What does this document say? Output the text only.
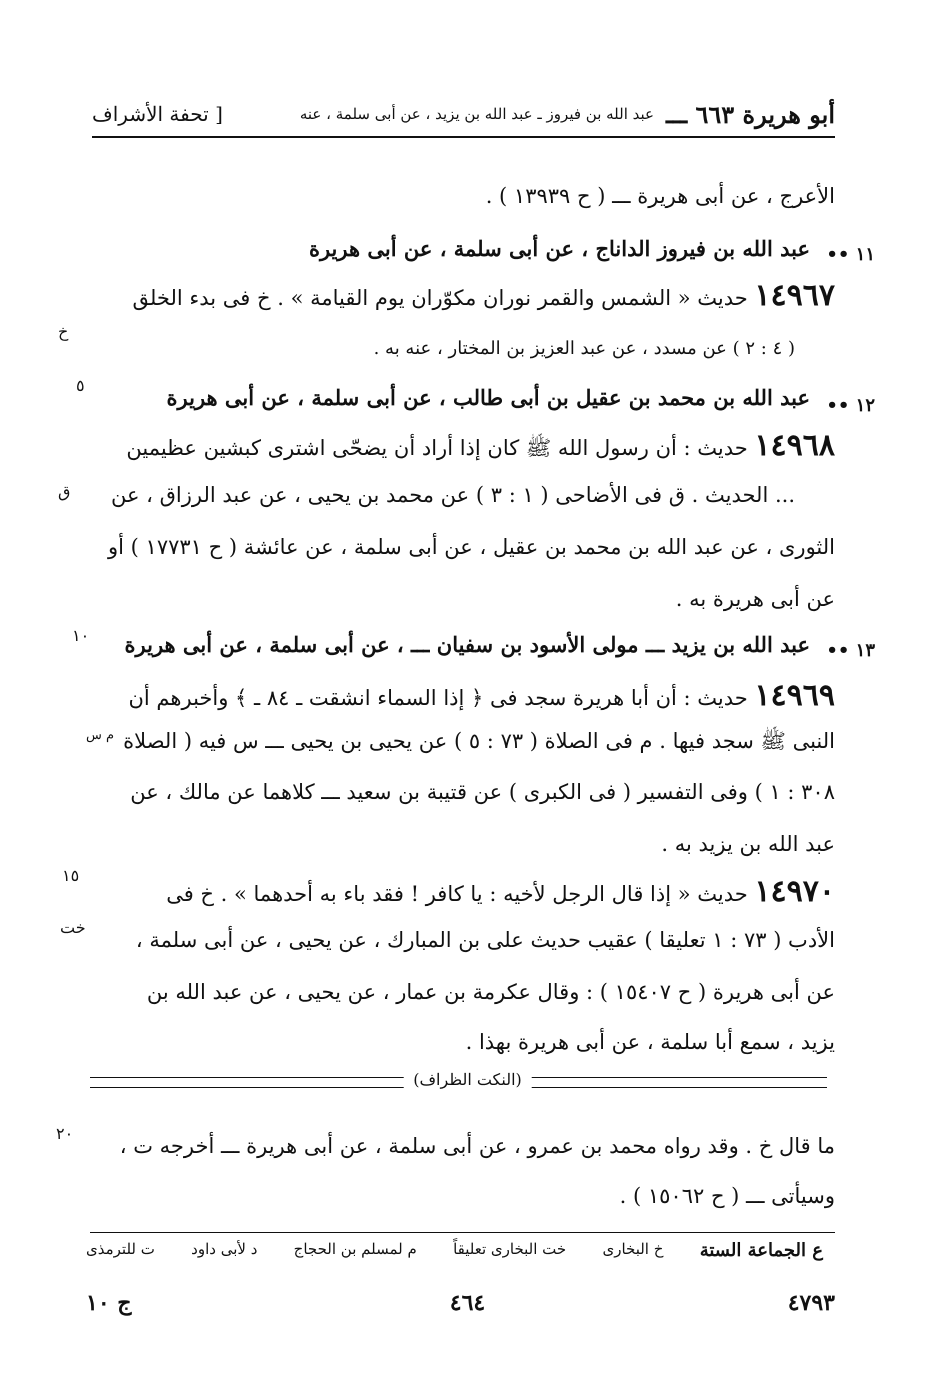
أبو هريرة ٦٦٣ ـــ
عبد الله بن فيروز ـ عبد الله بن يزيد ، عن أبى سلمة ، عنه
[ تحفة الأشراف
الأعرج ، عن أبى هريرة ـــ ( ح ١٣٩٣٩ ) .
١١ ••
عبد الله بن فيروز الداناج ، عن أبى سلمة ، عن أبى هريرة
١٤٩٦٧ حديث « الشمس والقمر نوران مكوّران يوم القيامة » . خ فى بدء الخلق
خ
( ٤ : ٢ ) عن مسدد ، عن عبد العزيز بن المختار ، عنه به .
١٢ ••
عبد الله بن محمد بن عقيل بن أبى طالب ، عن أبى سلمة ، عن أبى هريرة
٥
١٤٩٦٨ حديث : أن رسول الله ﷺ كان إذا أراد أن يضحّى اشترى كبشين عظيمين
ق ... الحديث . ق فى الأضاحى ( ١ : ٣ ) عن محمد بن يحيى ، عن عبد الرزاق ، عن
الثورى ، عن عبد الله بن محمد بن عقيل ، عن أبى سلمة ، عن عائشة ( ح ١٧٧٣١ ) أو
عن أبى هريرة به .
١٣ ••
عبد الله بن يزيد ـــ مولى الأسود بن سفيان ـــ ، عن أبى سلمة ، عن أبى هريرة
١٠
١٤٩٦٩ حديث : أن أبا هريرة سجد فى ﴿ إذا السماء انشقت ـ ٨٤ ـ ﴾ وأخبرهم أن
م س النبى ﷺ سجد فيها . م فى الصلاة ( ٧٣ : ٥ ) عن يحيى بن يحيى ـــ س فيه ( الصلاة
٣٠٨ : ١ ) وفى التفسير ( فى الكبرى ) عن قتيبة بن سعيد ـــ كلاهما عن مالك ، عن
عبد الله بن يزيد به .
١٤٩٧٠ حديث « إذا قال الرجل لأخيه : يا كافر ! فقد باء به أحدهما » . خ فى
١٥
الأدب ( ٧٣ : ١ تعليقا ) عقيب حديث على بن المبارك ، عن يحيى ، عن أبى سلمة ،
خت
عن أبى هريرة ( ح ١٥٤٠٧ ) : وقال عكرمة بن عمار ، عن يحيى ، عن عبد الله بن
يزيد ، سمع أبا سلمة ، عن أبى هريرة بهذا .
(النكت الظراف)
ما قال خ . وقد رواه محمد بن عمرو ، عن أبى سلمة ، عن أبى هريرة ـــ أخرجه ت ،
٢٠
وسيأتى ـــ ( ح ١٥٠٦٢ ) .
ع الجماعة الستة
خ البخارى
خت البخارى تعليقاً
م لمسلم بن الحجاج
د لأبى داود
ت للترمذى
٤٧٩٣
٤٦٤
ج ١٠
